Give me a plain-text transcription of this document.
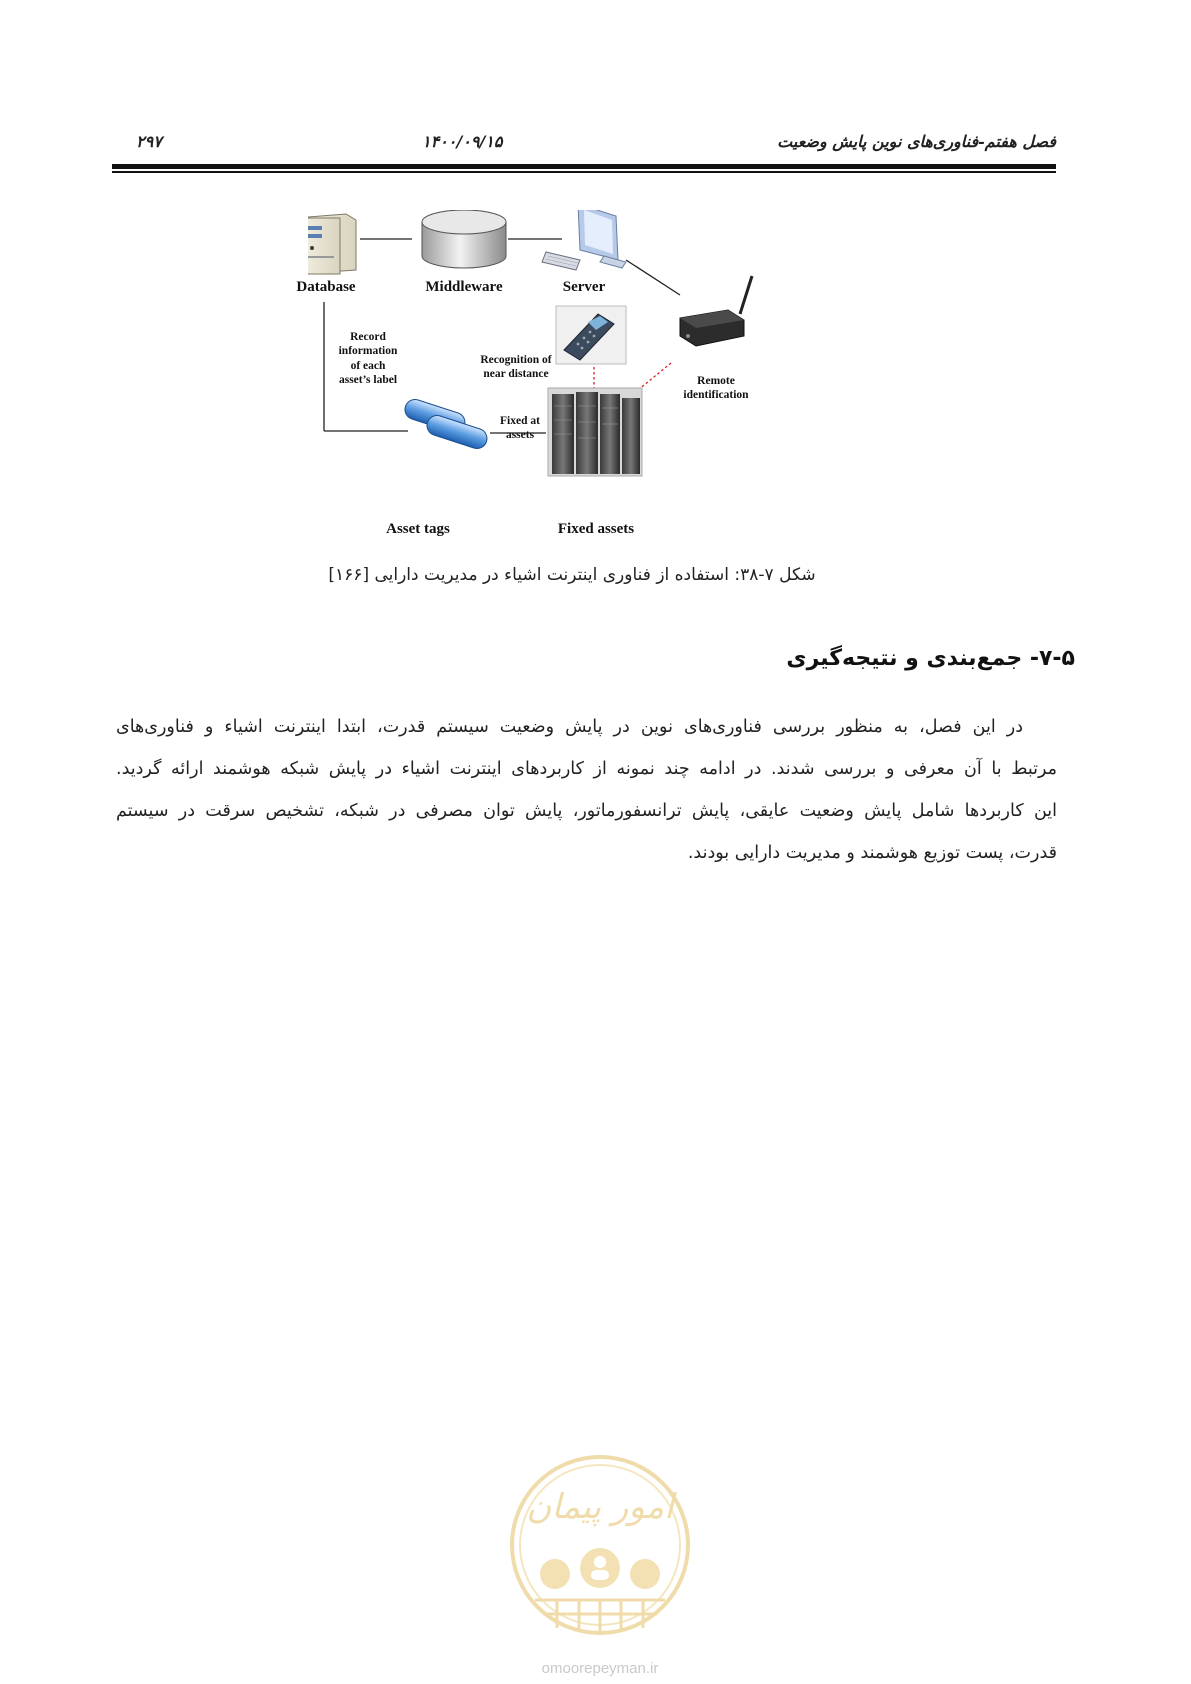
۲۹۷	۱۴۰۰/۰۹/۱۵	فصل هفتم-فناوری‌های نوین پایش وضعیت
Database	Middleware	Server
Record
information
of each
asset’s label
Recognition of
near distance
Remote
identification
Fixed at
assets
Asset tags	Fixed assets
شکل ۷-۳۸: استفاده از فناوری اینترنت اشیاء در مدیریت دارایی [۱۶۶]
۷-۵- جمع‌بندی و نتیجه‌گیری
در این فصل، به منظور بررسی فناوری‌های نوین در پایش وضعیت سیستم قدرت، ابتدا اینترنت اشیاء و فناوری‌های
مرتبط با آن معرفی و بررسی شدند. در ادامه چند نمونه از کاربردهای اینترنت اشیاء در پایش شبکه هوشمند ارائه گردید.
این کاربردها شامل پایش وضعیت عایقی، پایش ترانسفورماتور، پایش توان مصرفی در شبکه، تشخیص سرقت در سیستم
قدرت، پست توزیع هوشمند و مدیریت دارایی بودند.
امور پیمان
omoorepeyman.ir
